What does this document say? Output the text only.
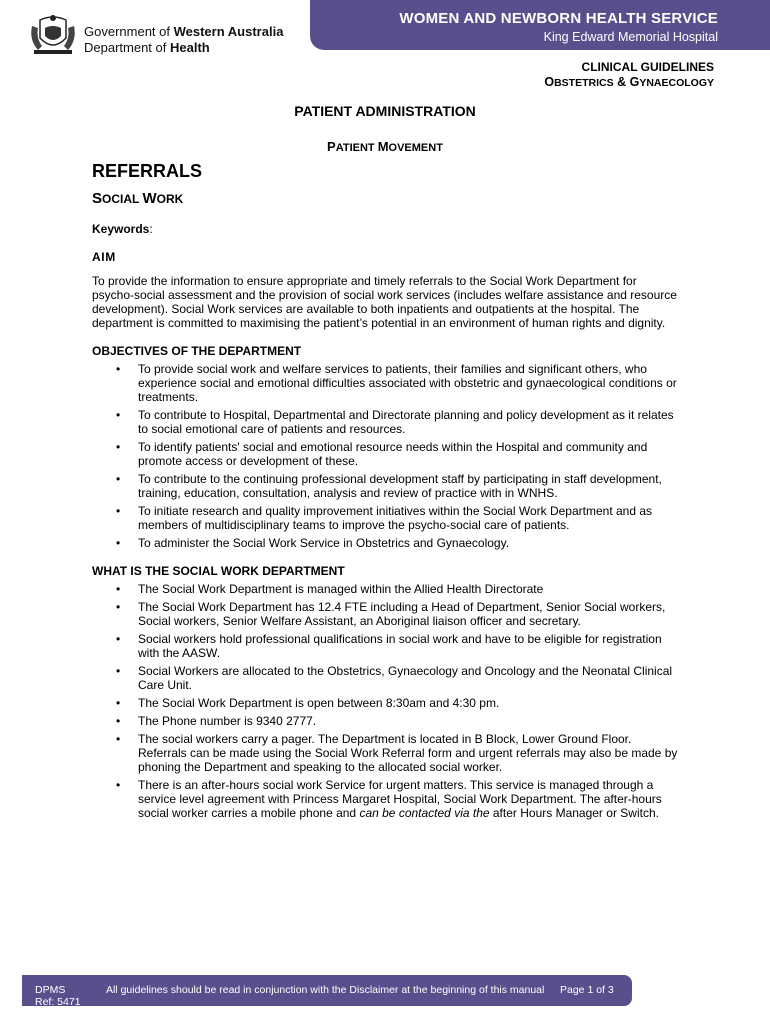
Government of Western Australia
Department of Health
WOMEN AND NEWBORN HEALTH SERVICE
King Edward Memorial Hospital
CLINICAL GUIDELINES
OBSTETRICS & GYNAECOLOGY
PATIENT ADMINISTRATION
PATIENT MOVEMENT
REFERRALS
SOCIAL WORK
Keywords:
AIM

To provide the information to ensure appropriate and timely referrals to the Social Work Department for psycho-social assessment and the provision of social work services (includes welfare assistance and resource development). Social Work services are available to both inpatients and outpatients at the hospital. The department is committed to maximising the patient’s potential in an environment of human rights and dignity.

OBJECTIVES OF THE DEPARTMENT
• To provide social work and welfare services to patients, their families and significant others, who experience social and emotional difficulties associated with obstetric and gynaecological conditions or treatments.
• To contribute to Hospital, Departmental and Directorate planning and policy development as it relates to social emotional care of patients and resources.
• To identify patients' social and emotional resource needs within the Hospital and community and promote access or development of these.
• To contribute to the continuing professional development staff by participating in staff development, training, education, consultation, analysis and review of practice with in WNHS.
• To initiate research and quality improvement initiatives within the Social Work Department and as members of multidisciplinary teams to improve the psycho-social care of patients.
• To administer the Social Work Service in Obstetrics and Gynaecology.
WHAT IS THE SOCIAL WORK DEPARTMENT
• The Social Work Department is managed within the Allied Health Directorate
• The Social Work Department has 12.4 FTE including a Head of Department, Senior Social workers, Social workers, Senior Welfare Assistant, an Aboriginal liaison officer and secretary.
• Social workers hold professional qualifications in social work and have to be eligible for registration with the AASW.
• Social Workers are allocated to the Obstetrics, Gynaecology and Oncology and the Neonatal Clinical Care Unit.
• The Social Work Department is open between 8:30am and 4:30 pm.
• The Phone number is 9340 2777.
• The social workers carry a pager. The Department is located in B Block, Lower Ground Floor. Referrals can be made using the Social Work Referral form and urgent referrals may also be made by phoning the Department and speaking to the allocated social worker.
• There is an after-hours social work Service for urgent matters. This service is managed through a service level agreement with Princess Margaret Hospital, Social Work Department. The after-hours social worker carries a mobile phone and can be contacted via the after Hours Manager or Switch.
DPMS
Ref: 5471
All guidelines should be read in conjunction with the Disclaimer at the beginning of this manual Page 1 of 3
